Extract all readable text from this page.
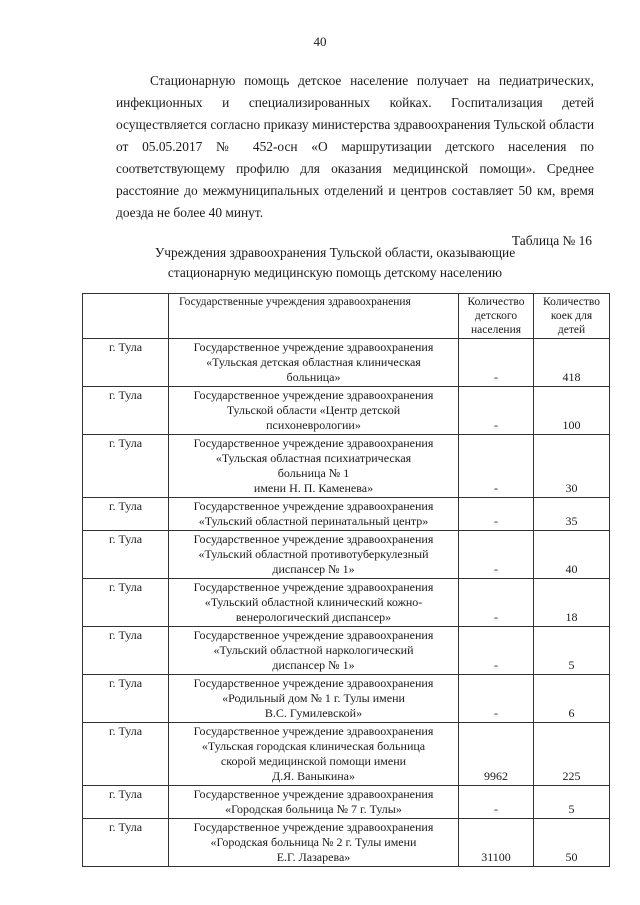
40

Стационарную помощь детское население получает на педиатрических, инфекционных и специализированных койках. Госпитализация детей осуществляется согласно приказу министерства здравоохранения Тульской области от 05.05.2017 № 452-осн «О маршрутизации детского населения по соответствующему профилю для оказания медицинской помощи». Среднее расстояние до межмуниципальных отделений и центров составляет 50 км, время доезда не более 40 минут.

Таблица № 16
Учреждения здравоохранения Тульской области, оказывающие
стационарную медицинскую помощь детскому населению
	Государственные учреждения здравоохранения	Количество детского населения	Количество коек для детей
г. Тула	Государственное учреждение здравоохранения
«Тульская детская областная клиническая
больница»	-	418
г. Тула	Государственное учреждение здравоохранения
Тульской области «Центр детской
психоневрологии»	-	100
г. Тула	Государственное учреждение здравоохранения
«Тульская областная психиатрическая
больница № 1
имени Н. П. Каменева»	-	30
г. Тула	Государственное учреждение здравоохранения
«Тульский областной перинатальный центр»	-	35
г. Тула	Государственное учреждение здравоохранения
«Тульский областной противотуберкулезный
диспансер № 1»	-	40
г. Тула	Государственное учреждение здравоохранения
«Тульский областной клинический кожно-
венерологический диспансер»	-	18
г. Тула	Государственное учреждение здравоохранения
«Тульский областной наркологический
диспансер № 1»	-	5
г. Тула	Государственное учреждение здравоохранения
«Родильный дом № 1 г. Тулы имени
В.С. Гумилевской»	-	6
г. Тула	Государственное учреждение здравоохранения
«Тульская городская клиническая больница
скорой медицинской помощи имени
Д.Я. Ваныкина»	9962	225
г. Тула	Государственное учреждение здравоохранения
«Городская больница № 7 г. Тулы»	-	5
г. Тула	Государственное учреждение здравоохранения
«Городская больница № 2 г. Тулы имени
Е.Г. Лазарева»	31100	50
